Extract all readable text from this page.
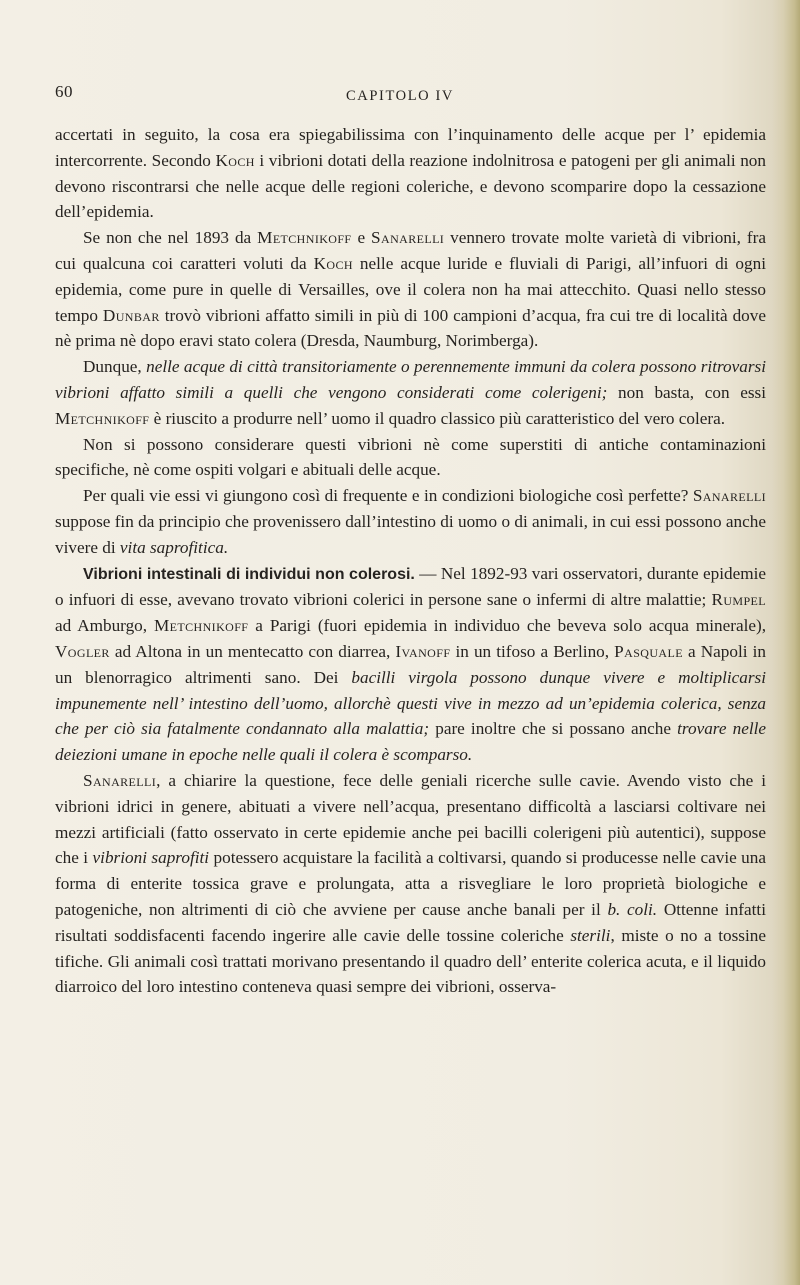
60	CAPITOLO IV

accertati in seguito, la cosa era spiegabilissima con l’inquinamento delle acque per l’ epidemia intercorrente. Secondo Koch i vibrioni dotati della reazione indolnitrosa e patogeni per gli animali non devono riscontrarsi che nelle acque delle regioni coleriche, e devono scomparire dopo la cessazione dell’epidemia.

Se non che nel 1893 da Metchnikoff e Sanarelli vennero trovate molte varietà di vibrioni, fra cui qualcuna coi caratteri voluti da Koch nelle acque luride e fluviali di Parigi, all’infuori di ogni epidemia, come pure in quelle di Versailles, ove il colera non ha mai attecchito. Quasi nello stesso tempo Dunbar trovò vibrioni affatto simili in più di 100 campioni d’acqua, fra cui tre di località dove nè prima nè dopo eravi stato colera (Dresda, Naumburg, Norimberga).

Dunque, nelle acque di città transitoriamente o perennemente immuni da colera possono ritrovarsi vibrioni affatto simili a quelli che vengono considerati come colerigeni; non basta, con essi Metchnikoff è riuscito a produrre nell’ uomo il quadro classico più caratteristico del vero colera.

Non si possono considerare questi vibrioni nè come superstiti di antiche contaminazioni specifiche, nè come ospiti volgari e abituali delle acque.

Per quali vie essi vi giungono così di frequente e in condizioni biologiche così perfette? Sanarelli suppose fin da principio che provenissero dall’intestino di uomo o di animali, in cui essi possono anche vivere di vita saprofitica.

Vibrioni intestinali di individui non colerosi. — Nel 1892-93 vari osservatori, durante epidemie o infuori di esse, avevano trovato vibrioni colerici in persone sane o infermi di altre malattie; Rumpel ad Amburgo, Metchnikoff a Parigi (fuori epidemia in individuo che beveva solo acqua minerale), Vogler ad Altona in un mentecatto con diarrea, Ivanoff in un tifoso a Berlino, Pasquale a Napoli in un blenorragico altrimenti sano. Dei bacilli virgola possono dunque vivere e moltiplicarsi impunemente nell’ intestino dell’uomo, allorchè questi vive in mezzo ad un’epidemia colerica, senza che per ciò sia fatalmente condannato alla malattia; pare inoltre che si possano anche trovare nelle deiezioni umane in epoche nelle quali il colera è scomparso.

Sanarelli, a chiarire la questione, fece delle geniali ricerche sulle cavie. Avendo visto che i vibrioni idrici in genere, abituati a vivere nell’acqua, presentano difficoltà a lasciarsi coltivare nei mezzi artificiali (fatto osservato in certe epidemie anche pei bacilli colerigeni più autentici), suppose che i vibrioni saprofiti potessero acquistare la facilità a coltivarsi, quando si producesse nelle cavie una forma di enterite tossica grave e prolungata, atta a risvegliare le loro proprietà biologiche e patogeniche, non altrimenti di ciò che avviene per cause anche banali per il b. coli. Ottenne infatti risultati soddisfacenti facendo ingerire alle cavie delle tossine coleriche sterili, miste o no a tossine tifiche. Gli animali così trattati morivano presentando il quadro dell’ enterite colerica acuta, e il liquido diarroico del loro intestino conteneva quasi sempre dei vibrioni, osserva-
